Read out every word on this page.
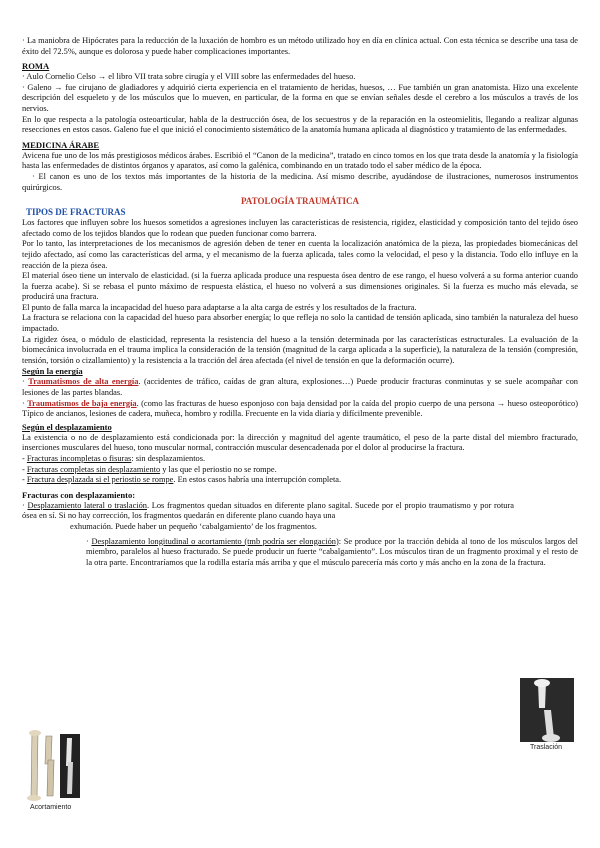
· La maniobra de Hipócrates para la reducción de la luxación de hombro es un método utilizado hoy en día en clínica actual. Con esta técnica se describe una tasa de éxito del 72.5%, aunque es dolorosa y puede haber complicaciones importantes.

ROMA

· Aulo Cornelio Celso → el libro VII trata sobre cirugía y el VIII sobre las enfermedades del hueso.

· Galeno → fue cirujano de gladiadores y adquirió cierta experiencia en el tratamiento de heridas, huesos, … Fue también un gran anatomista. Hizo una excelente descripción del esqueleto y de los músculos que lo mueven, en particular, de la forma en que se envían señales desde el cerebro a los músculos a través de los nervios.

En lo que respecta a la patología osteoarticular, habla de la destrucción ósea, de los secuestros y de la reparación en la osteomielitis, llegando a realizar algunas resecciones en estos casos. Galeno fue el que inició el conocimiento sistemático de la anatomía humana aplicada al diagnóstico y tratamiento de las enfermedades.

MEDICINA ÁRABE

Avicena fue uno de los más prestigiosos médicos árabes. Escribió el “Canon de la medicina”, tratado en cinco tomos en los que trata desde la anatomía y la fisiología hasta las enfermedades de distintos órganos y aparatos, así como la galénica, combinando en un tratado todo el saber médico de la época.

· El canon es uno de los textos más importantes de la historia de la medicina. Así mismo describe, ayudándose de ilustraciones, numerosos instrumentos quirúrgicos.

PATOLOGÍA TRAUMÁTICA
TIPOS DE FRACTURAS

Los factores que influyen sobre los huesos sometidos a agresiones incluyen las características de resistencia, rigidez, elasticidad y composición tanto del tejido óseo afectado como de los tejidos blandos que lo rodean que pueden funcionar como barrera.

Por lo tanto, las interpretaciones de los mecanismos de agresión deben de tener en cuenta la localización anatómica de la pieza, las propiedades biomecánicas del tejido afectado, así como las características del arma, y el mecanismo de la fuerza aplicada, tales como la velocidad, el peso y la distancia. Todo ello influye en la reacción de la pieza ósea.

El material óseo tiene un intervalo de elasticidad. (si la fuerza aplicada produce una respuesta ósea dentro de ese rango, el hueso volverá a su forma anterior cuando la fuerza acabe). Si se rebasa el punto máximo de respuesta elástica, el hueso no volverá a sus dimensiones originales. Si la fuerza es mucho más elevada, se producirá una fractura.

El punto de falla marca la incapacidad del hueso para adaptarse a la alta carga de estrés y los resultados de la fractura.

La fractura se relaciona con la capacidad del hueso para absorber energía; lo que refleja no solo la cantidad de tensión aplicada, sino también la naturaleza del hueso impactado.

La rigidez ósea, o módulo de elasticidad, representa la resistencia del hueso a la tensión determinada por las características estructurales. La evaluación de la biomecánica involucrada en el trauma implica la consideración de la tensión (magnitud de la carga aplicada a la superficie), la naturaleza de la tensión (compresión, tensión, torsión o cizallamiento) y la resistencia a la tracción del área afectada (el nivel de tensión en que la deformación ocurre).

Según la energía

· Traumatismos de alta energía. (accidentes de tráfico, caídas de gran altura, explosiones…) Puede producir fracturas conminutas y se suele acompañar con lesiones de las partes blandas.

· Traumatismos de baja energía. (como las fracturas de hueso esponjoso con baja densidad por la caída del propio cuerpo de una persona → hueso osteoporótico) Típico de ancianos, lesiones de cadera, muñeca, hombro y rodilla. Frecuente en la vida diaria y difícilmente prevenible.

Según el desplazamiento

La existencia o no de desplazamiento está condicionada por: la dirección y magnitud del agente traumático, el peso de la parte distal del miembro fracturado, inserciones musculares del hueso, tono muscular normal, contracción muscular desencadenada por el dolor al producirse la fractura.

- Fracturas incompletas o fisuras: sin desplazamientos.

- Fracturas completas sin desplazamiento y las que el periostio no se rompe.

- Fractura desplazada si el periostio se rompe. En estos casos habría una interrupción completa.

Fracturas con desplazamiento:

· Desplazamiento lateral o traslación. Los fragmentos quedan situados en diferente plano sagital. Sucede por el propio traumatismo y por rotura ósea en sí. Si no hay corrección, los fragmentos quedarán en diferente plano cuando haya una

exhumación. Puede haber un pequeño ‘cabalgamiento’ de los fragmentos.

· Desplazamiento longitudinal o acortamiento (tmb podría ser elongación): Se produce por la tracción debida al tono de los músculos largos del miembro, paralelos al hueso fracturado. Se puede producir un fuerte “cabalgamiento”. Los músculos tiran de un fragmento proximal y el resto de la otra parte. Encontraríamos que la rodilla estaría más arriba y que el músculo parecería más corto y más ancho en la zona de la fractura.

Traslación
Acortamiento
